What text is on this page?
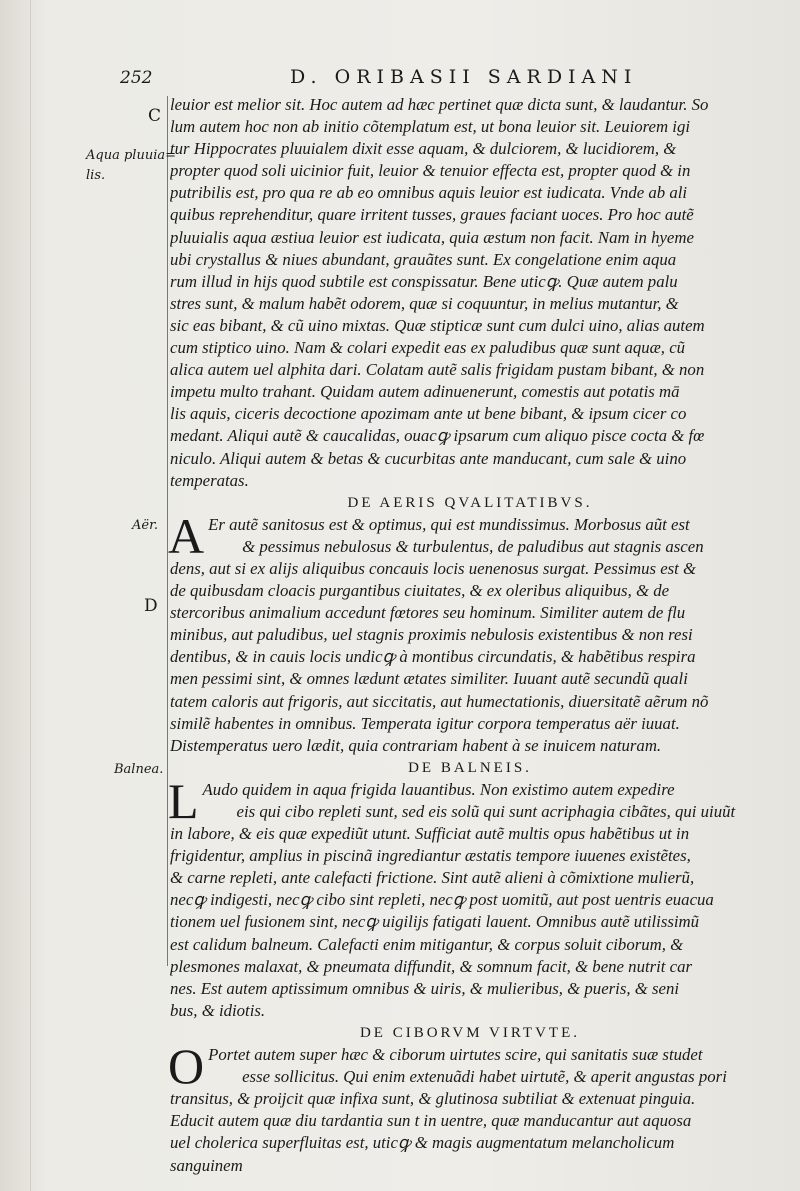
252	D. ORIBASII SARDIANI
C
D
Aqua pluuia=
lis.
Aër.
Balnea.
leuior est melior sit. Hoc autem ad hæc pertinet quæ dicta sunt, & laudantur. So
lum autem hoc non ab initio cõtemplatum est, ut bona leuior sit. Leuiorem igi
tur Hippocrates pluuialem dixit esse aquam, & dulciorem, & lucidiorem, &
propter quod soli uicinior fuit, leuior & tenuior effecta est, propter quod & in
putribilis est, pro qua re ab eo omnibus aquis leuior est iudicata. Vnde ab ali
quibus reprehenditur, quare irritent tusses, graues faciant uoces. Pro hoc autẽ
pluuialis aqua æstiua leuior est iudicata, quia æstum non facit. Nam in hyeme
ubi crystallus & niues abundant, grauãtes sunt. Ex congelatione enim aqua
rum illud in hijs quod subtile est conspissatur. Bene uticꝙ. Quæ autem palu
stres sunt, & malum habẽt odorem, quæ si coquuntur, in melius mutantur, &
sic eas bibant, & cũ uino mixtas. Quæ stipticæ sunt cum dulci uino, alias autem
cum stiptico uino. Nam & colari expedit eas ex paludibus quæ sunt aquæ, cũ
alica autem uel alphita dari. Colatam autẽ salis frigidam pustam bibant, & non
impetu multo trahant. Quidam autem adinuenerunt, comestis aut potatis mā
lis aquis, ciceris decoctione apozimam ante ut bene bibant, & ipsum cicer co
medant. Aliqui autẽ & caucalidas, ouacꝙ ipsarum cum aliquo pisce cocta & fœ
niculo. Aliqui autem & betas & cucurbitas ante manducant, cum sale & uino
temperatas.
DE AERIS QVALITATIBVS.
A Er autẽ sanitosus est & optimus, qui est mundissimus. Morbosus aũt est
& pessimus nebulosus & turbulentus, de paludibus aut stagnis ascen
dens, aut si ex alijs aliquibus concauis locis uenenosus surgat. Pessimus est &
de quibusdam cloacis purgantibus ciuitates, & ex oleribus aliquibus, & de
stercoribus animalium accedunt fœtores seu hominum. Similiter autem de flu
minibus, aut paludibus, uel stagnis proximis nebulosis existentibus & non resi
dentibus, & in cauis locis undicꝙ à montibus circundatis, & habẽtibus respira
men pessimi sint, & omnes lædunt ætates similiter. Iuuant autẽ secundũ quali
tatem caloris aut frigoris, aut siccitatis, aut humectationis, diuersitatẽ aẽrum nõ
similẽ habentes in omnibus. Temperata igitur corpora temperatus aër iuuat.
Distemperatus uero lædit, quia contrariam habent à se inuicem naturam.
DE BALNEIS.
L Audo quidem in aqua frigida lauantibus. Non existimo autem expedire
eis qui cibo repleti sunt, sed eis solũ qui sunt acriphagia cibãtes, qui uiuũt
in labore, & eis quæ expediũt utunt. Sufficiat autẽ multis opus habẽtibus ut in
frigidentur, amplius in piscinã ingrediantur æstatis tempore iuuenes existẽtes,
& carne repleti, ante calefacti frictione. Sint autẽ alieni à cõmixtione mulierũ,
necꝙ indigesti, necꝙ cibo sint repleti, necꝙ post uomitũ, aut post uentris euacua
tionem uel fusionem sint, necꝙ uigilijs fatigati lauent. Omnibus autẽ utilissimũ
est calidum balneum. Calefacti enim mitigantur, & corpus soluit ciborum, &
plesmones malaxat, & pneumata diffundit, & somnum facit, & bene nutrit car
nes. Est autem aptissimum omnibus & uiris, & mulieribus, & pueris, & seni
bus, & idiotis.
DE CIBORVM VIRTVTE.
O Portet autem super hæc & ciborum uirtutes scire, qui sanitatis suæ studet
esse sollicitus. Qui enim extenuãdi habet uirtutẽ, & aperit angustas pori
transitus, & proijcit quæ infixa sunt, & glutinosa subtiliat & extenuat pinguia.
Educit autem quæ diu tardantia sun t in uentre, quæ manducantur aut aquosa
uel cholerica superfluitas est, uticꝙ & magis augmentatum melancholicum
sanguinem
